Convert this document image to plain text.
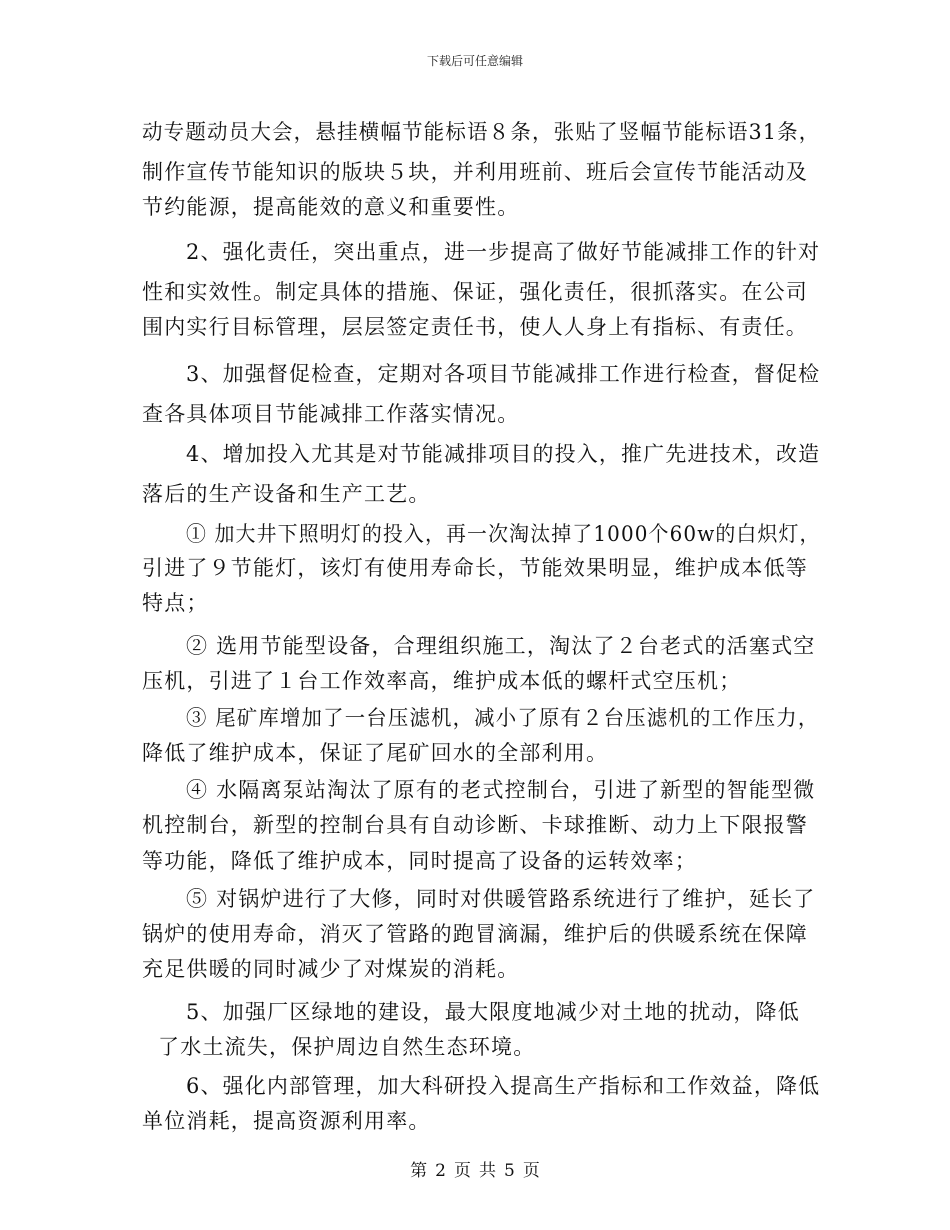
下载后可任意编辑
动专题动员大会，悬挂横幅节能标语８条，张贴了竖幅节能标语31条，
制作宣传节能知识的版块５块，并利用班前、班后会宣传节能活动及
节约能源，提高能效的意义和重要性。
2、强化责任，突出重点，进一步提高了做好节能减排工作的针对
性和实效性。制定具体的措施、保证，强化责任，很抓落实。在公司
围内实行目标管理，层层签定责任书，使人人身上有指标、有责任。
3、加强督促检查，定期对各项目节能减排工作进行检查，督促检
查各具体项目节能减排工作落实情况。
4、增加投入尤其是对节能减排项目的投入，推广先进技术，改造
落后的生产设备和生产工艺。
① 加大井下照明灯的投入，再一次淘汰掉了1000个60w的白炽灯，
引进了９节能灯，该灯有使用寿命长，节能效果明显，维护成本低等
特点；
② 选用节能型设备，合理组织施工，淘汰了２台老式的活塞式空
压机，引进了１台工作效率高，维护成本低的螺杆式空压机；
③ 尾矿库增加了一台压滤机，减小了原有２台压滤机的工作压力，
降低了维护成本，保证了尾矿回水的全部利用。
④ 水隔离泵站淘汰了原有的老式控制台，引进了新型的智能型微
机控制台，新型的控制台具有自动诊断、卡球推断、动力上下限报警
等功能，降低了维护成本，同时提高了设备的运转效率；
⑤ 对锅炉进行了大修，同时对供暖管路系统进行了维护，延长了
锅炉的使用寿命，消灭了管路的跑冒滴漏，维护后的供暖系统在保障
充足供暖的同时减少了对煤炭的消耗。
5、加强厂区绿地的建设，最大限度地减少对土地的扰动，降低
了水土流失，保护周边自然生态环境。
6、强化内部管理，加大科研投入提高生产指标和工作效益，降低
单位消耗，提高资源利用率。
第 2 页 共 5 页
